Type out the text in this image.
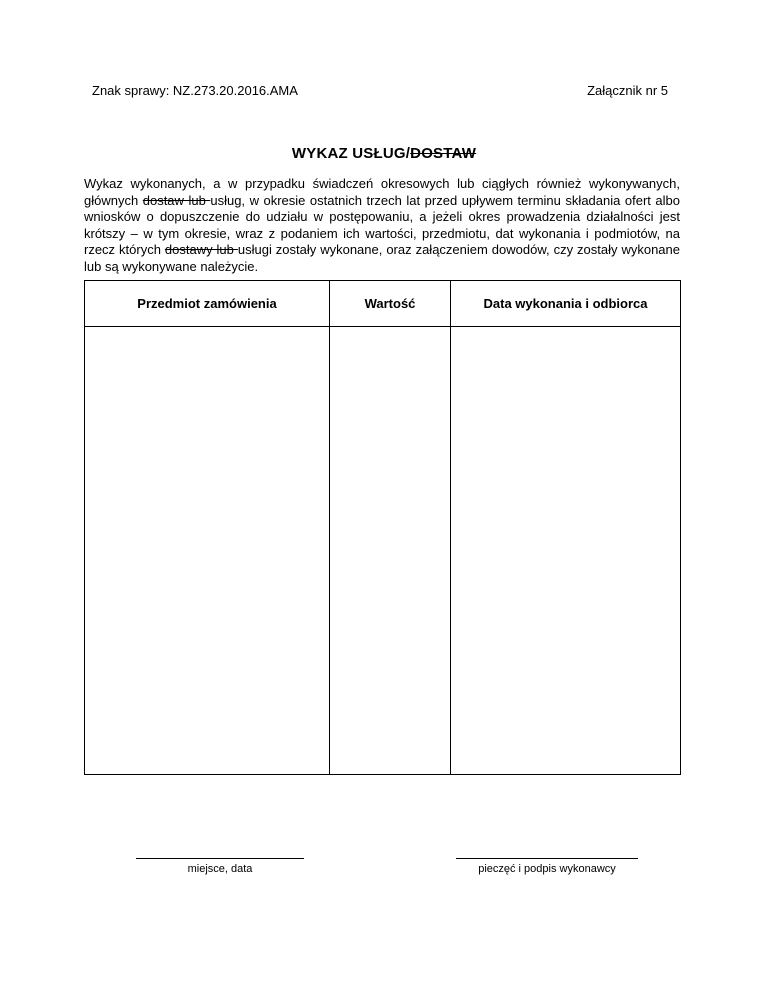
Znak sprawy: NZ.273.20.2016.AMA	Załącznik nr 5
WYKAZ USŁUG/DOSTAW
Wykaz wykonanych, a w przypadku świadczeń okresowych lub ciągłych również wykonywanych, głównych dostaw lub usług, w okresie ostatnich trzech lat przed upływem terminu składania ofert albo wniosków o dopuszczenie do udziału w postępowaniu, a jeżeli okres prowadzenia działalności jest krótszy – w tym okresie, wraz z podaniem ich wartości, przedmiotu, dat wykonania i podmiotów, na rzecz których dostawy lub usługi zostały wykonane, oraz załączeniem dowodów, czy zostały wykonane lub są wykonywane należycie.
Przedmiot zamówienia	Wartość	Data wykonania i odbiorca

miejsce, data	pieczęć i podpis wykonawcy
